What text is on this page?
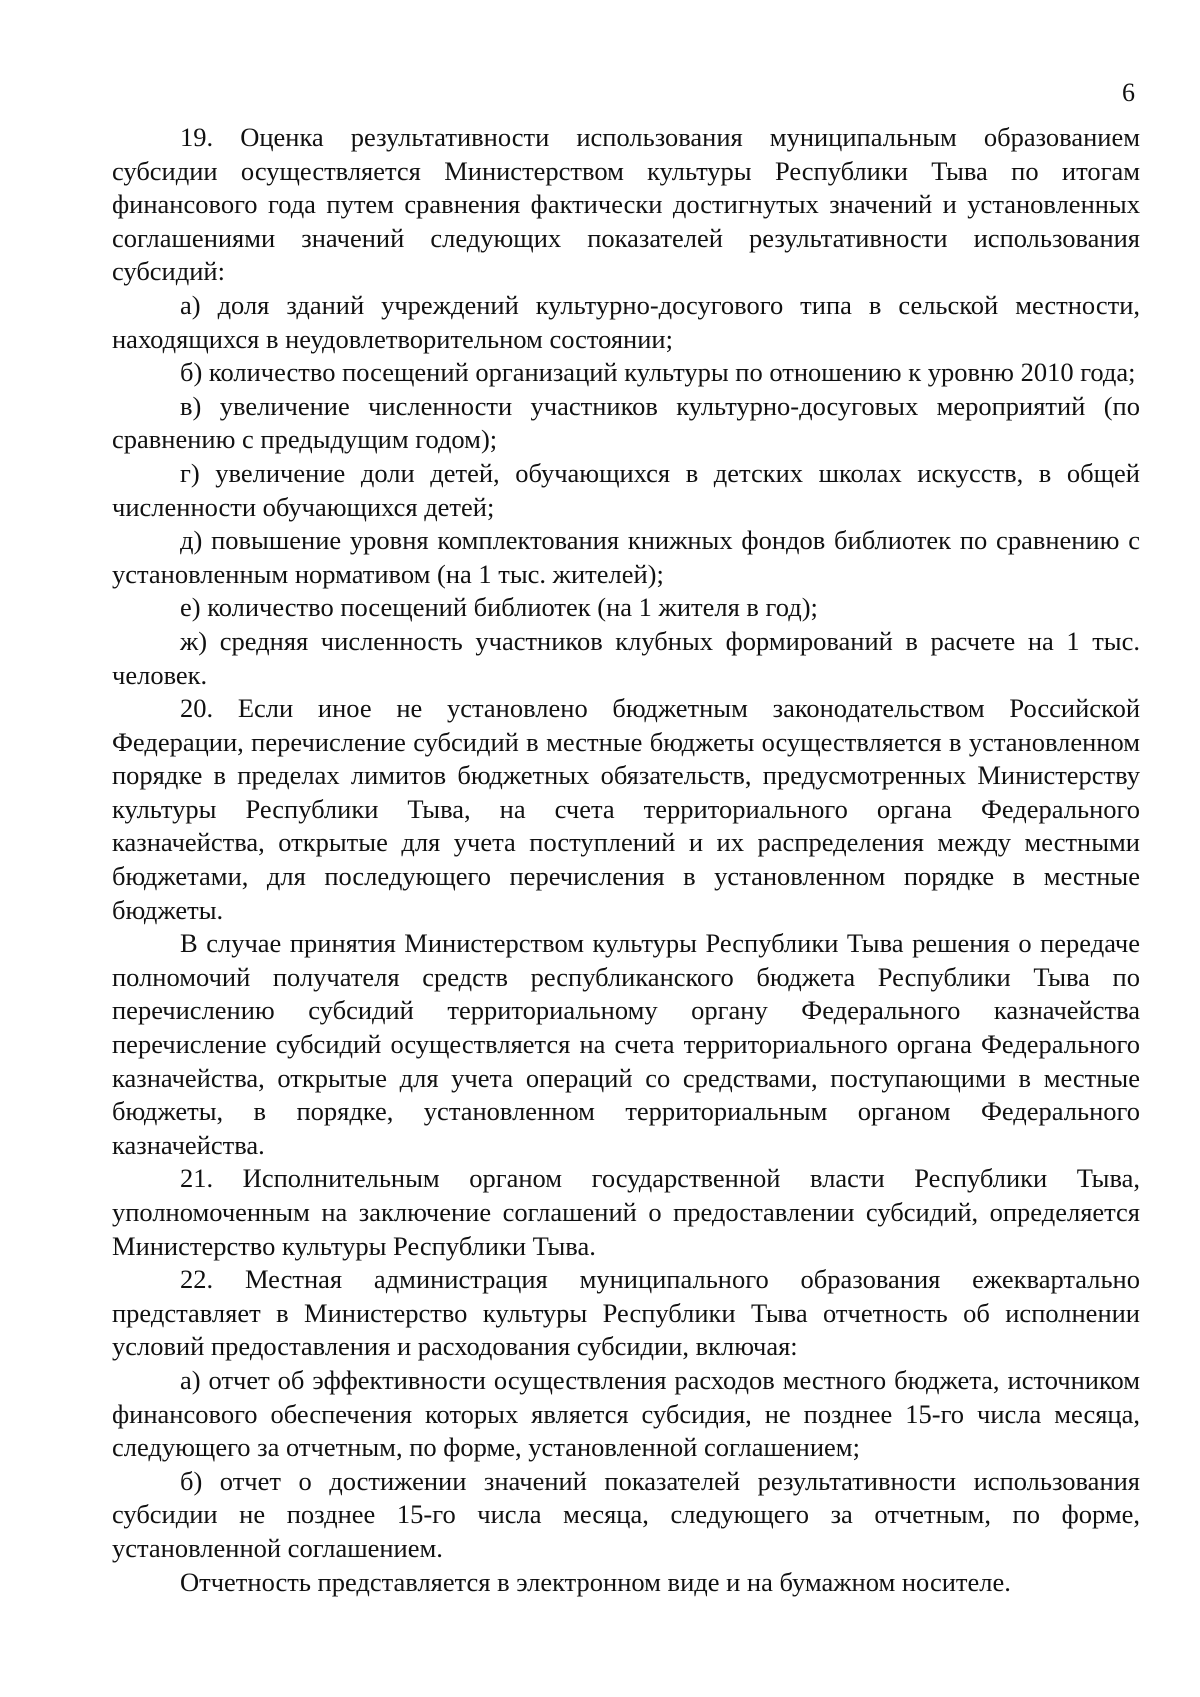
6

19. Оценка результативности использования муниципальным образованием субсидии осуществляется Министерством культуры Республики Тыва по итогам финансового года путем сравнения фактически достигнутых значений и установленных соглашениями значений следующих показателей результативности использования субсидий:

а) доля зданий учреждений культурно-досугового типа в сельской местности, находящихся в неудовлетворительном состоянии;

б) количество посещений организаций культуры по отношению к уровню 2010 года;

в) увеличение численности участников культурно-досуговых мероприятий (по сравнению с предыдущим годом);

г) увеличение доли детей, обучающихся в детских школах искусств, в общей численности обучающихся детей;

д) повышение уровня комплектования книжных фондов библиотек по сравнению с установленным нормативом (на 1 тыс. жителей);

е) количество посещений библиотек (на 1 жителя в год);

ж) средняя численность участников клубных формирований в расчете на 1 тыс. человек.

20. Если иное не установлено бюджетным законодательством Российской Федерации, перечисление субсидий в местные бюджеты осуществляется в установленном порядке в пределах лимитов бюджетных обязательств, предусмотренных Министерству культуры Республики Тыва, на счета территориального органа Федерального казначейства, открытые для учета поступлений и их распределения между местными бюджетами, для последующего перечисления в установленном порядке в местные бюджеты.

В случае принятия Министерством культуры Республики Тыва решения о передаче полномочий получателя средств республиканского бюджета Республики Тыва по перечислению субсидий территориальному органу Федерального казначейства перечисление субсидий осуществляется на счета территориального органа Федерального казначейства, открытые для учета операций со средствами, поступающими в местные бюджеты, в порядке, установленном территориальным органом Федерального казначейства.

21. Исполнительным органом государственной власти Республики Тыва, уполномоченным на заключение соглашений о предоставлении субсидий, определяется Министерство культуры Республики Тыва.

22. Местная администрация муниципального образования ежеквартально представляет в Министерство культуры Республики Тыва отчетность об исполнении условий предоставления и расходования субсидии, включая:

а) отчет об эффективности осуществления расходов местного бюджета, источником финансового обеспечения которых является субсидия, не позднее 15-го числа месяца, следующего за отчетным, по форме, установленной соглашением;

б) отчет о достижении значений показателей результативности использования субсидии не позднее 15-го числа месяца, следующего за отчетным, по форме, установленной соглашением.

Отчетность представляется в электронном виде и на бумажном носителе.
